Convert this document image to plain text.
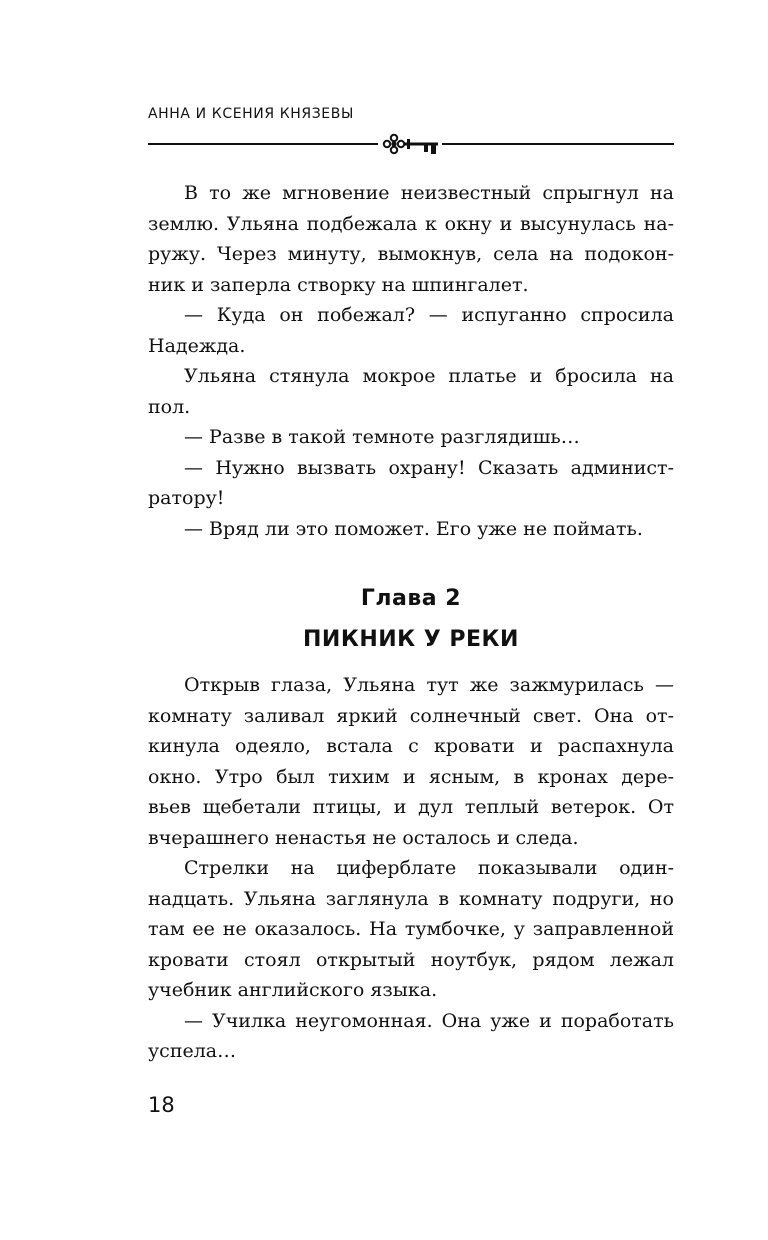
АННА И КСЕНИЯ КНЯЗЕВЫ
В то же мгновение неизвестный спрыгнул на
землю. Ульяна подбежала к окну и высунулась на-
ружу. Через минуту, вымокнув, села на подокон-
ник и заперла створку на шпингалет.
— Куда он побежал? — испуганно спросила
Надежда.
Ульяна стянула мокрое платье и бросила на
пол.
— Разве в такой темноте разглядишь…
— Нужно вызвать охрану! Сказать админист-
ратору!
— Вряд ли это поможет. Его уже не поймать.
Глава 2
ПИКНИК У РЕКИ
Открыв глаза, Ульяна тут же зажмурилась —
комнату заливал яркий солнечный свет. Она от-
кинула одеяло, встала с кровати и распахнула
окно. Утро был тихим и ясным, в кронах дере-
вьев щебетали птицы, и дул теплый ветерок. От
вчерашнего ненастья не осталось и следа.
Стрелки на циферблате показывали один-
надцать. Ульяна заглянула в комнату подруги, но
там ее не оказалось. На тумбочке, у заправленной
кровати стоял открытый ноутбук, рядом лежал
учебник английского языка.
— Училка неугомонная. Она уже и поработать
успела…
18
